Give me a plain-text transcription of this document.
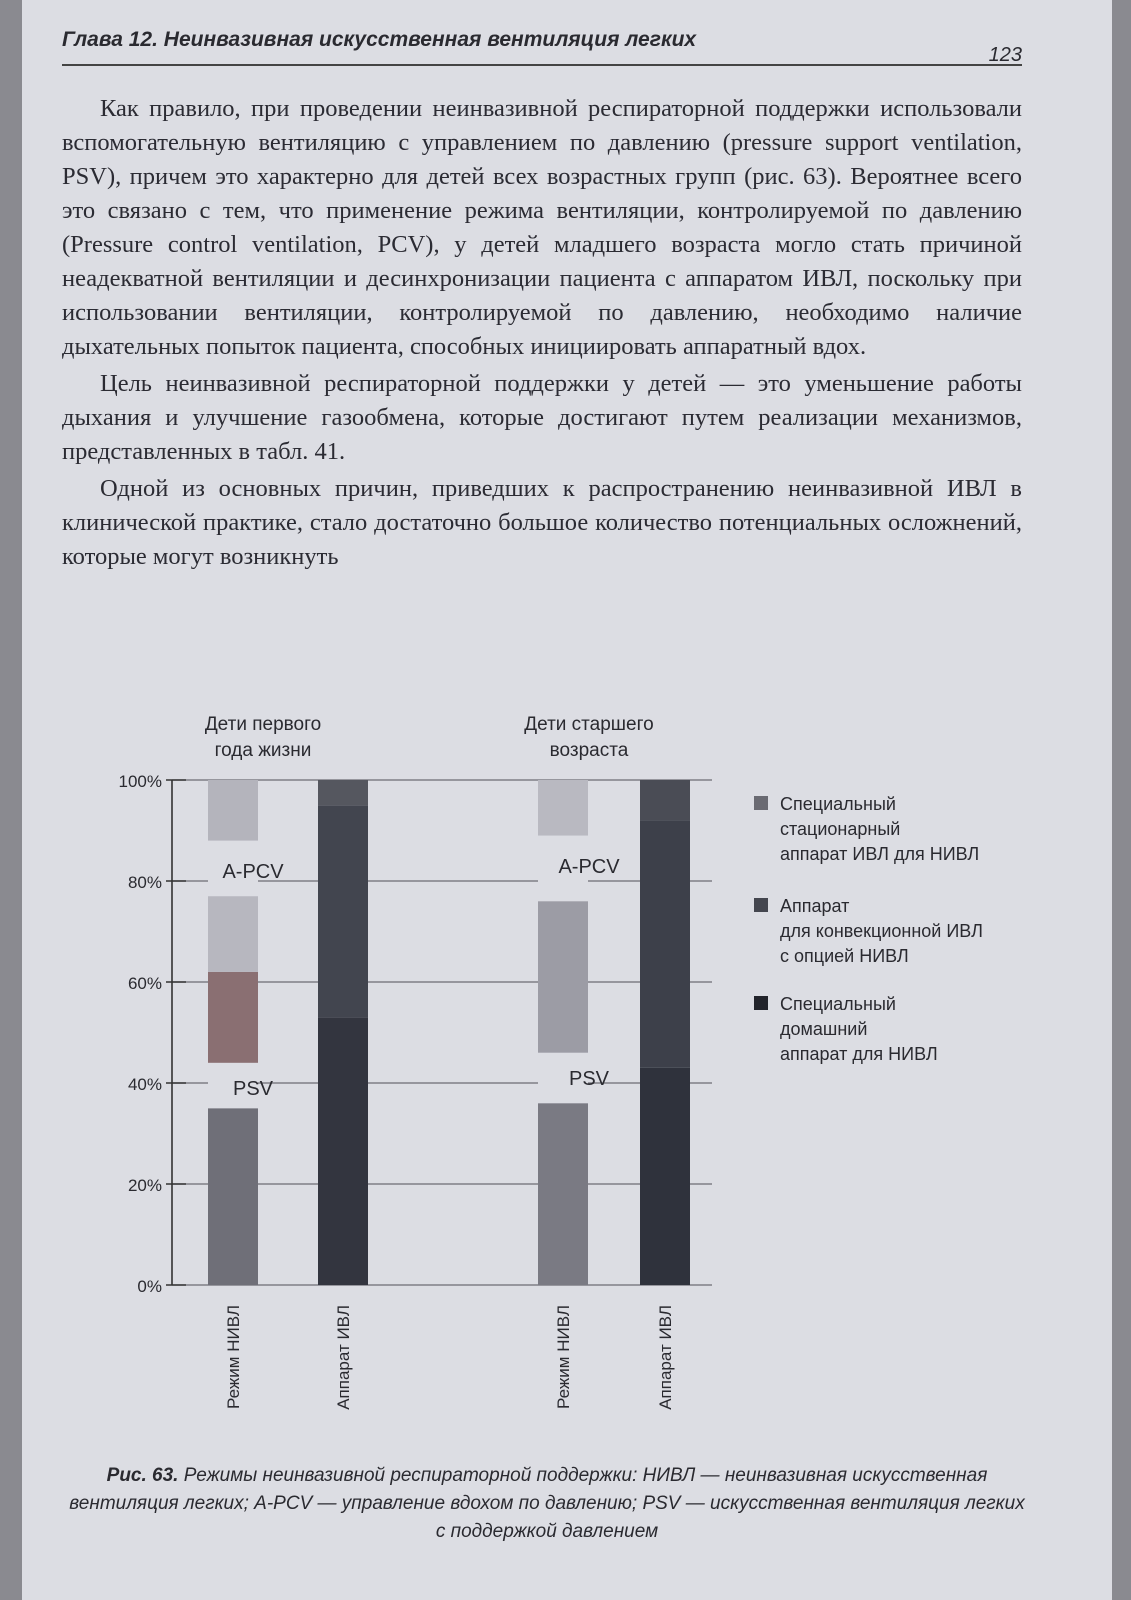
Глава 12. Неинвазивная искусственная вентиляция легких
123

Как правило, при проведении неинвазивной респираторной поддержки использовали вспомогательную вентиляцию с управлением по давлению (pressure support ventilation, PSV), причем это характерно для детей всех возрастных групп (рис. 63). Вероятнее всего это связано с тем, что применение режима вентиляции, контролируемой по давлению (Pressure control ventilation, PCV), у детей младшего возраста могло стать причиной неадекватной вентиляции и десинхронизации пациента с аппаратом ИВЛ, поскольку при использовании вентиляции, контролируемой по давлению, необходимо наличие дыхательных попыток пациента, способных инициировать аппаратный вдох.

Цель неинвазивной респираторной поддержки у детей — это уменьшение работы дыхания и улучшение газообмена, которые достигают путем реализации механизмов, представленных в табл. 41.

Одной из основных причин, приведших к распространению неинвазивной ИВЛ в клинической практике, стало достаточно большое количество потенциальных осложнений, которые могут возникнуть

0%
20%
40%
60%
80%
100%
Дети первого
года жизни
Режим НИВЛ	Аппарат ИВЛ
Дети старшего
возраста
Режим НИВЛ	Аппарат ИВЛ
A-PCV
PSV
A-PCV
PSV
Специальный
стационарный
аппарат ИВЛ для НИВЛ
Аппарат
для конвекционной ИВЛ
с опцией НИВЛ
Специальный
домашний
аппарат для НИВЛ
Рис. 63. Режимы неинвазивной респираторной поддержки: НИВЛ — неинвазивная искусственная вентиляция легких; A-PCV — управление вдохом по давлению; PSV — искусственная вентиляция легких с поддержкой давлением
